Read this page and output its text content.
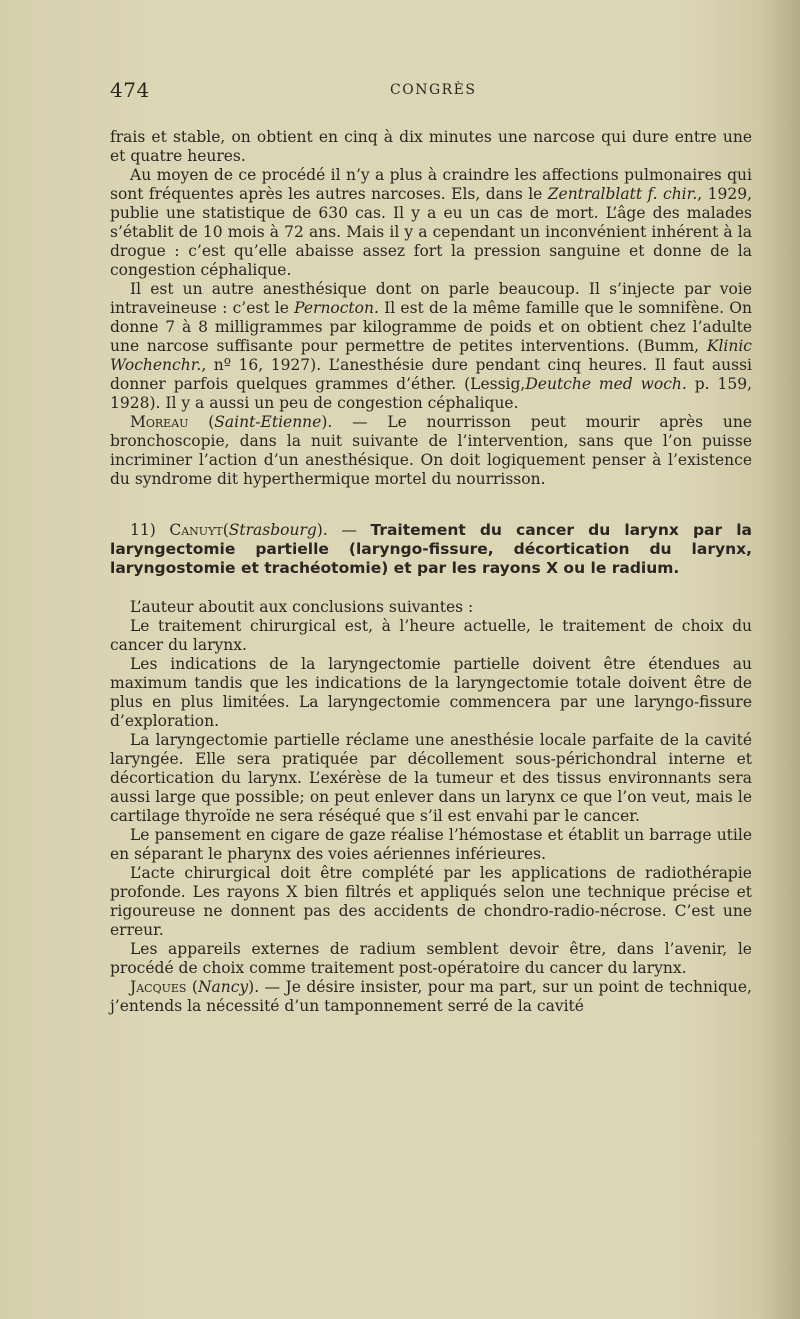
474	CONGRÈS

frais et stable, on obtient en cinq à dix minutes une narcose qui dure entre une et quatre heures.

Au moyen de ce procédé il n’y a plus à craindre les affections pulmonaires qui sont fréquentes après les autres narcoses. Els, dans le Zentralblatt f. chir., 1929, publie une statistique de 630 cas. Il y a eu un cas de mort. L’âge des malades s’établit de 10 mois à 72 ans. Mais il y a cependant un inconvénient inhérent à la drogue : c’est qu’elle abaisse assez fort la pression sanguine et donne de la congestion céphalique.

Il est un autre anesthésique dont on parle beaucoup. Il s’injecte par voie intraveineuse : c’est le Pernocton. Il est de la même famille que le somnifène. On donne 7 à 8 milligrammes par kilogramme de poids et on obtient chez l’adulte une narcose suffisante pour permettre de petites interventions. (Bumm, Klinic Wochenchr., nº 16, 1927). L’anesthésie dure pendant cinq heures. Il faut aussi donner parfois quelques grammes d’éther. (Lessig,Deutche med woch. p. 159, 1928). Il y a aussi un peu de congestion céphalique.

Moreau (Saint-Etienne). — Le nourrisson peut mourir après une bronchoscopie, dans la nuit suivante de l’intervention, sans que l’on puisse incriminer l’action d’un anesthésique. On doit logiquement penser à l’existence du syndrome dit hyperthermique mortel du nourrisson.

11) Canuyt(Strasbourg). — Traitement du cancer du larynx par la laryngectomie partielle (laryngo-fissure, décortication du larynx, laryngostomie et trachéotomie) et par les rayons X ou le radium.

L’auteur aboutit aux conclusions suivantes :

Le traitement chirurgical est, à l’heure actuelle, le traitement de choix du cancer du larynx.

Les indications de la laryngectomie partielle doivent être étendues au maximum tandis que les indications de la laryngectomie totale doivent être de plus en plus limitées. La laryngectomie commencera par une laryngo-fissure d’exploration.

La laryngectomie partielle réclame une anesthésie locale parfaite de la cavité laryngée. Elle sera pratiquée par décollement sous-périchondral interne et décortication du larynx. L’exérèse de la tumeur et des tissus environnants sera aussi large que possible; on peut enlever dans un larynx ce que l’on veut, mais le cartilage thyroïde ne sera réséqué que s’il est envahi par le cancer.

Le pansement en cigare de gaze réalise l’hémostase et établit un barrage utile en séparant le pharynx des voies aériennes inférieures.

L’acte chirurgical doit être complété par les applications de radiothérapie profonde. Les rayons X bien filtrés et appliqués selon une technique précise et rigoureuse ne donnent pas des accidents de chondro-radio-nécrose. C’est une erreur.

Les appareils externes de radium semblent devoir être, dans l’avenir, le procédé de choix comme traitement post-opératoire du cancer du larynx.

Jacques (Nancy). — Je désire insister, pour ma part, sur un point de technique, j’entends la nécessité d’un tamponnement serré de la cavité
